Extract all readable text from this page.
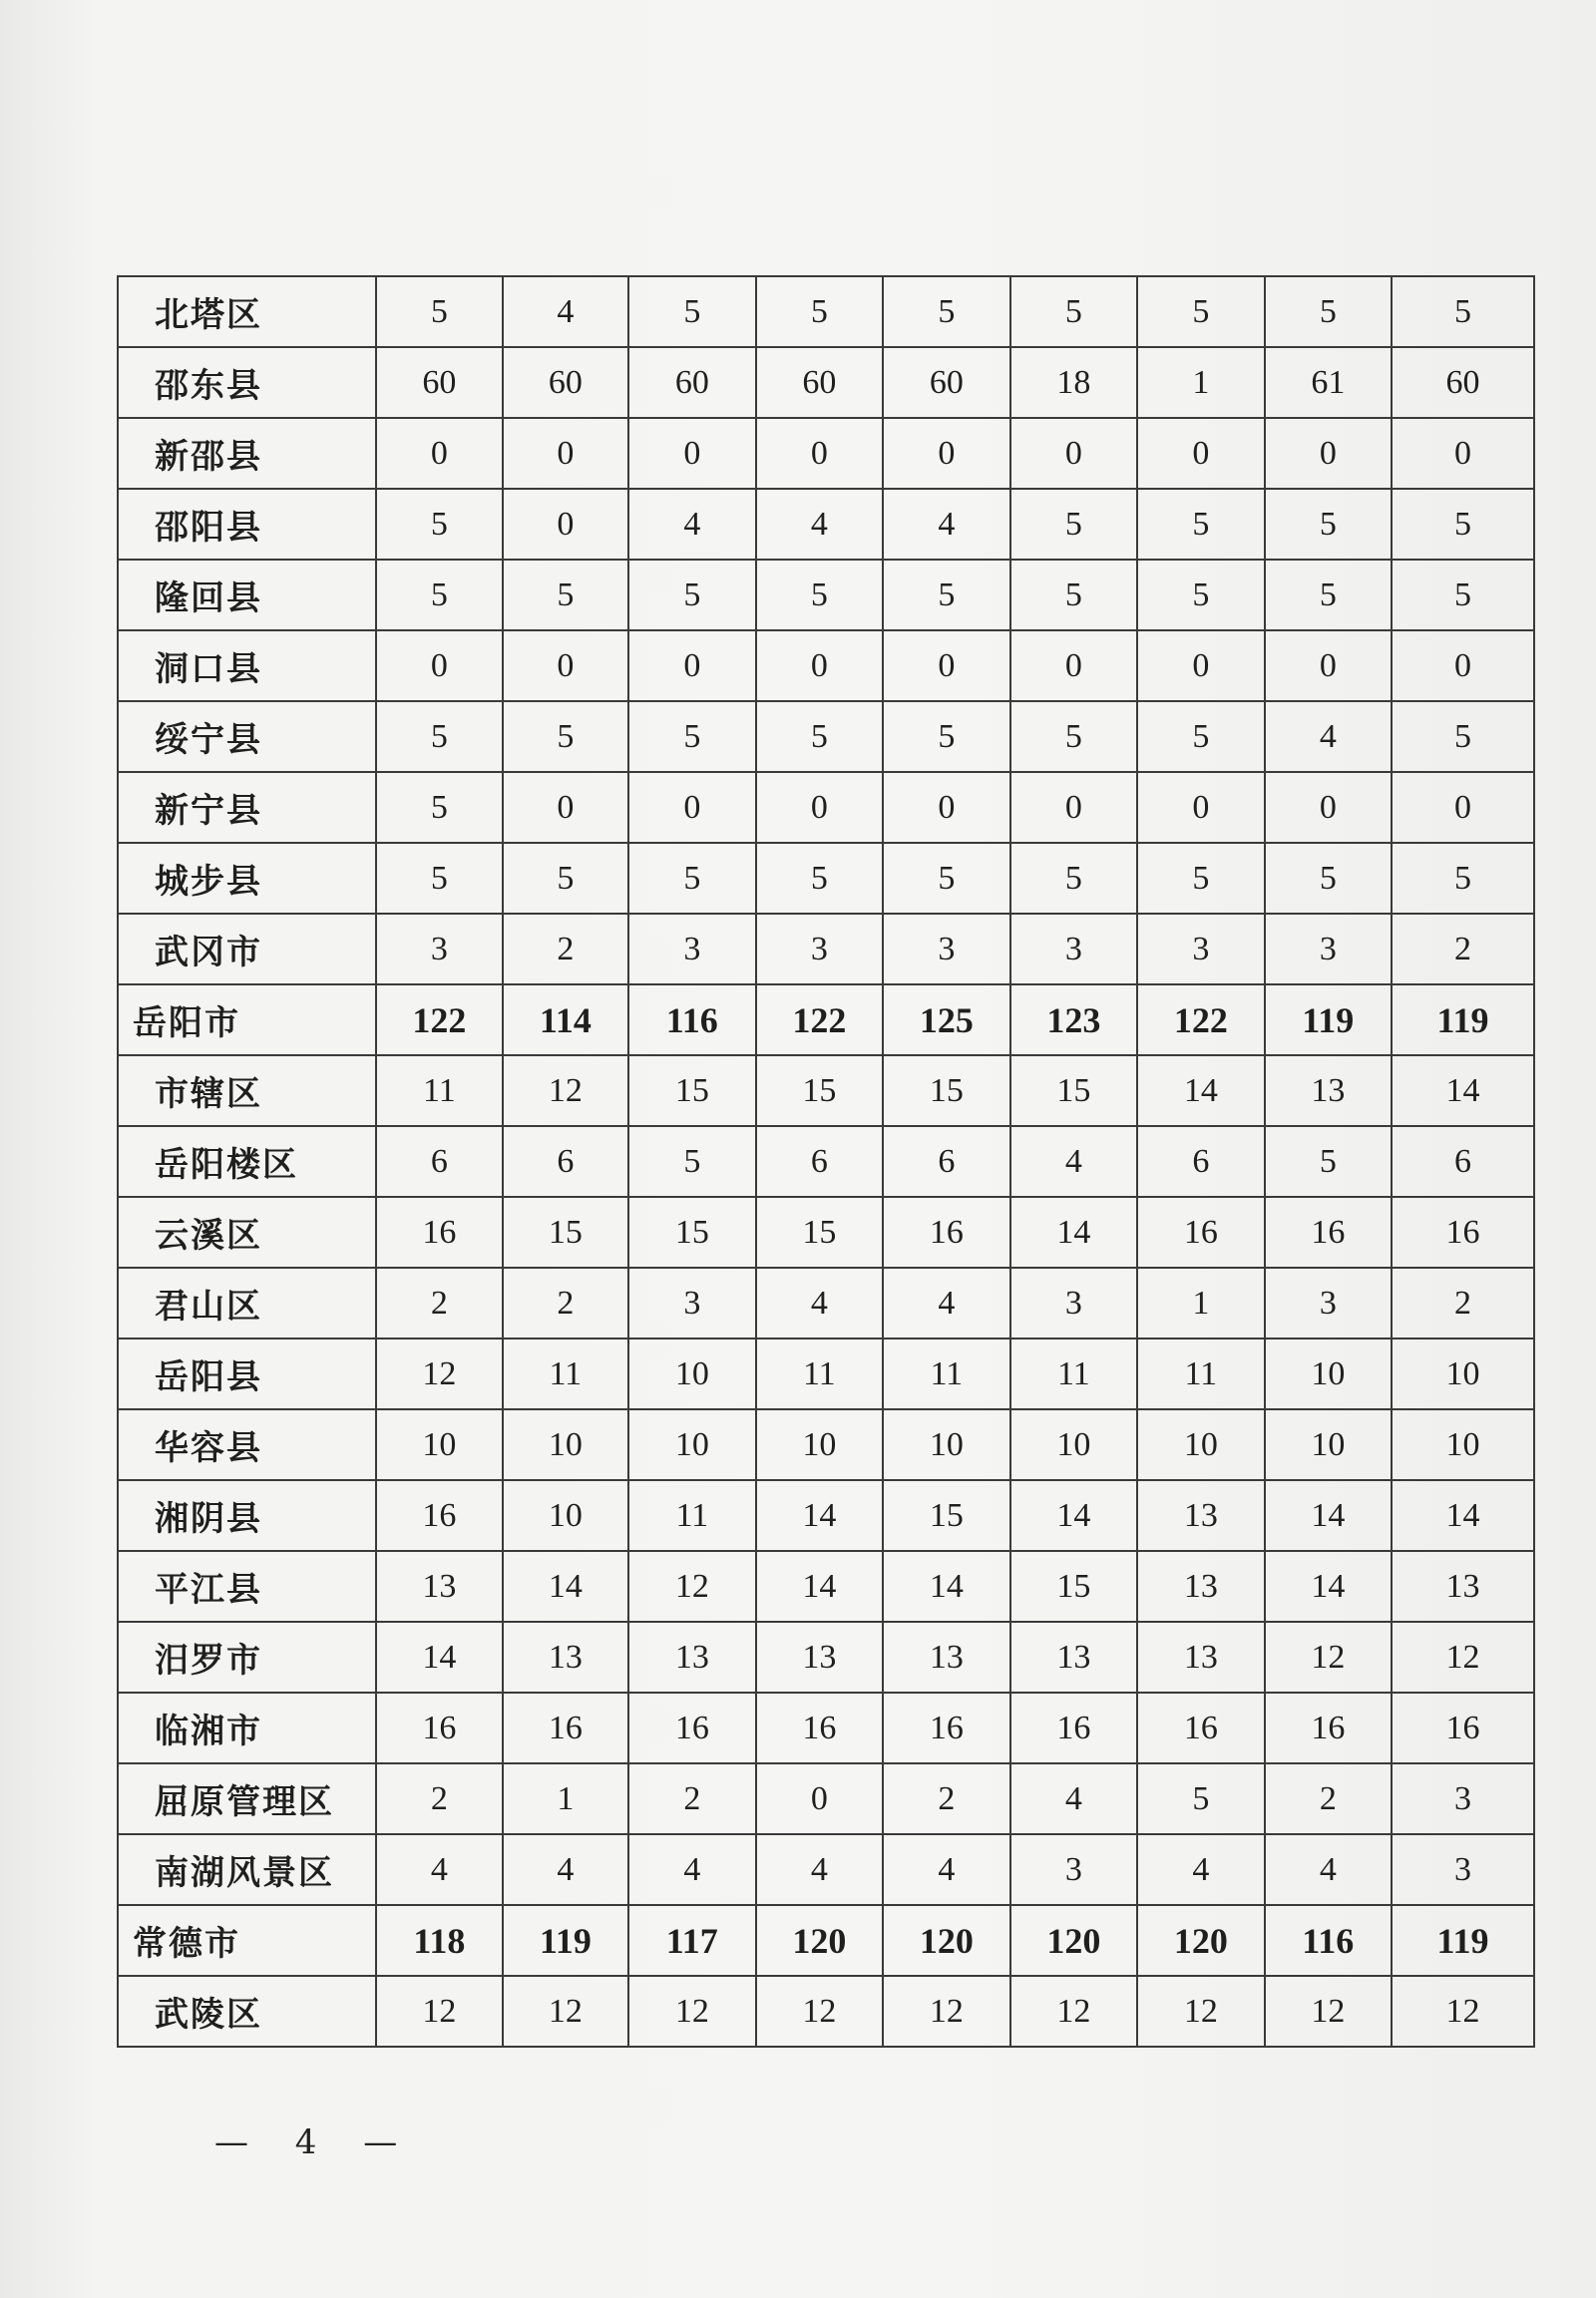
北塔区	5	4	5	5	5	5	5	5	5
邵东县	60	60	60	60	60	18	1	61	60
新邵县	0	0	0	0	0	0	0	0	0
邵阳县	5	0	4	4	4	5	5	5	5
隆回县	5	5	5	5	5	5	5	5	5
洞口县	0	0	0	0	0	0	0	0	0
绥宁县	5	5	5	5	5	5	5	4	5
新宁县	5	0	0	0	0	0	0	0	0
城步县	5	5	5	5	5	5	5	5	5
武冈市	3	2	3	3	3	3	3	3	2
岳阳市	122	114	116	122	125	123	122	119	119
市辖区	11	12	15	15	15	15	14	13	14
岳阳楼区	6	6	5	6	6	4	6	5	6
云溪区	16	15	15	15	16	14	16	16	16
君山区	2	2	3	4	4	3	1	3	2
岳阳县	12	11	10	11	11	11	11	10	10
华容县	10	10	10	10	10	10	10	10	10
湘阴县	16	10	11	14	15	14	13	14	14
平江县	13	14	12	14	14	15	13	14	13
汨罗市	14	13	13	13	13	13	13	12	12
临湘市	16	16	16	16	16	16	16	16	16
屈原管理区	2	1	2	0	2	4	5	2	3
南湖风景区	4	4	4	4	4	3	4	4	3
常德市	118	119	117	120	120	120	120	116	119
武陵区	12	12	12	12	12	12	12	12	12
— 4 —
